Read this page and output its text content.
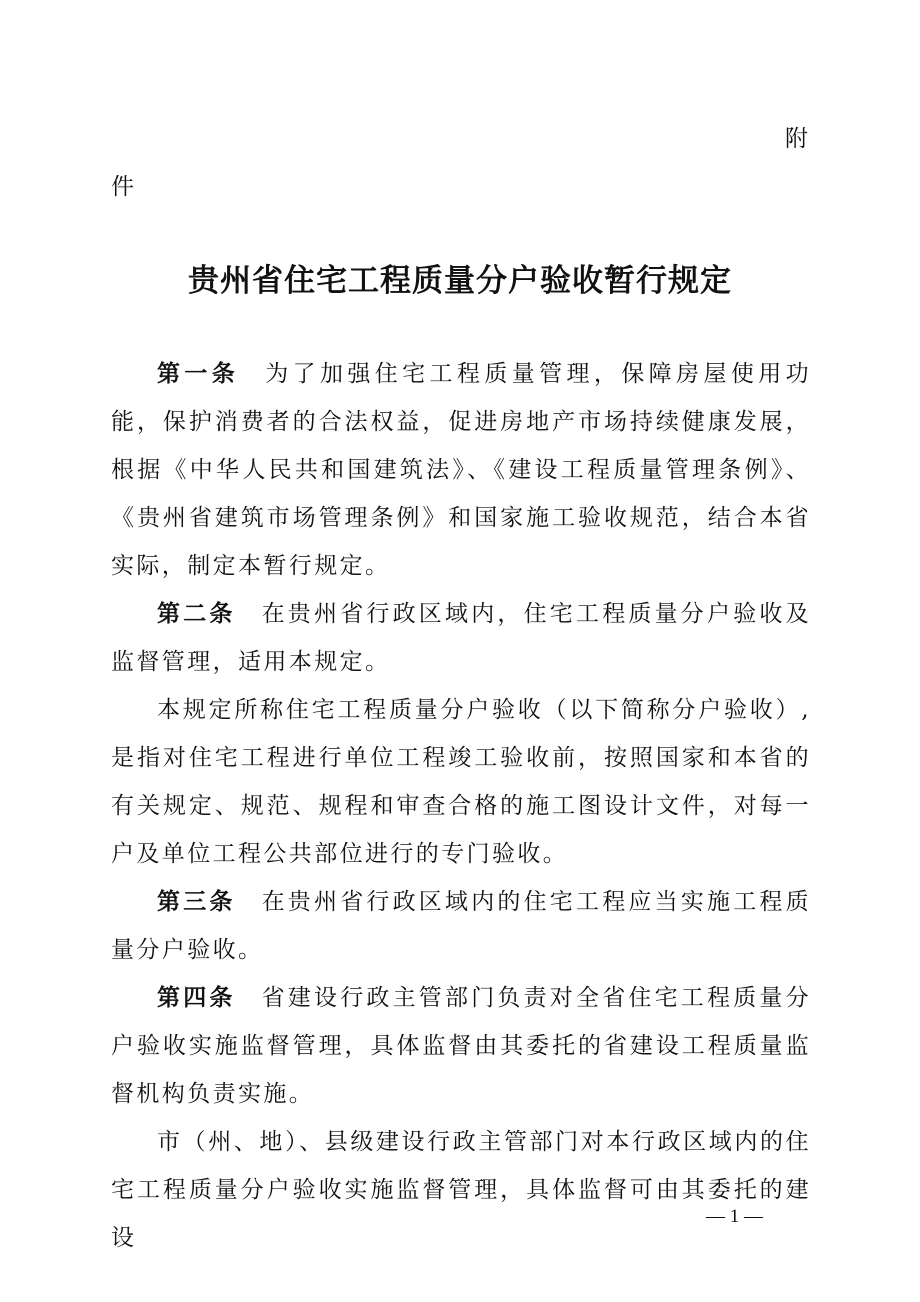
附
件
贵州省住宅工程质量分户验收暂行规定

第一条 为了加强住宅工程质量管理，保障房屋使用功能，保护消费者的合法权益，促进房地产市场持续健康发展，根据《中华人民共和国建筑法》、《建设工程质量管理条例》、《贵州省建筑市场管理条例》和国家施工验收规范，结合本省实际，制定本暂行规定。

第二条 在贵州省行政区域内，住宅工程质量分户验收及监督管理，适用本规定。

本规定所称住宅工程质量分户验收（以下简称分户验收）,是指对住宅工程进行单位工程竣工验收前，按照国家和本省的有关规定、规范、规程和审查合格的施工图设计文件，对每一户及单位工程公共部位进行的专门验收。

第三条 在贵州省行政区域内的住宅工程应当实施工程质量分户验收。

第四条 省建设行政主管部门负责对全省住宅工程质量分户验收实施监督管理，具体监督由其委托的省建设工程质量监督机构负责实施。

市（州、地）、县级建设行政主管部门对本行政区域内的住宅工程质量分户验收实施监督管理，具体监督可由其委托的建设

— 1 —
